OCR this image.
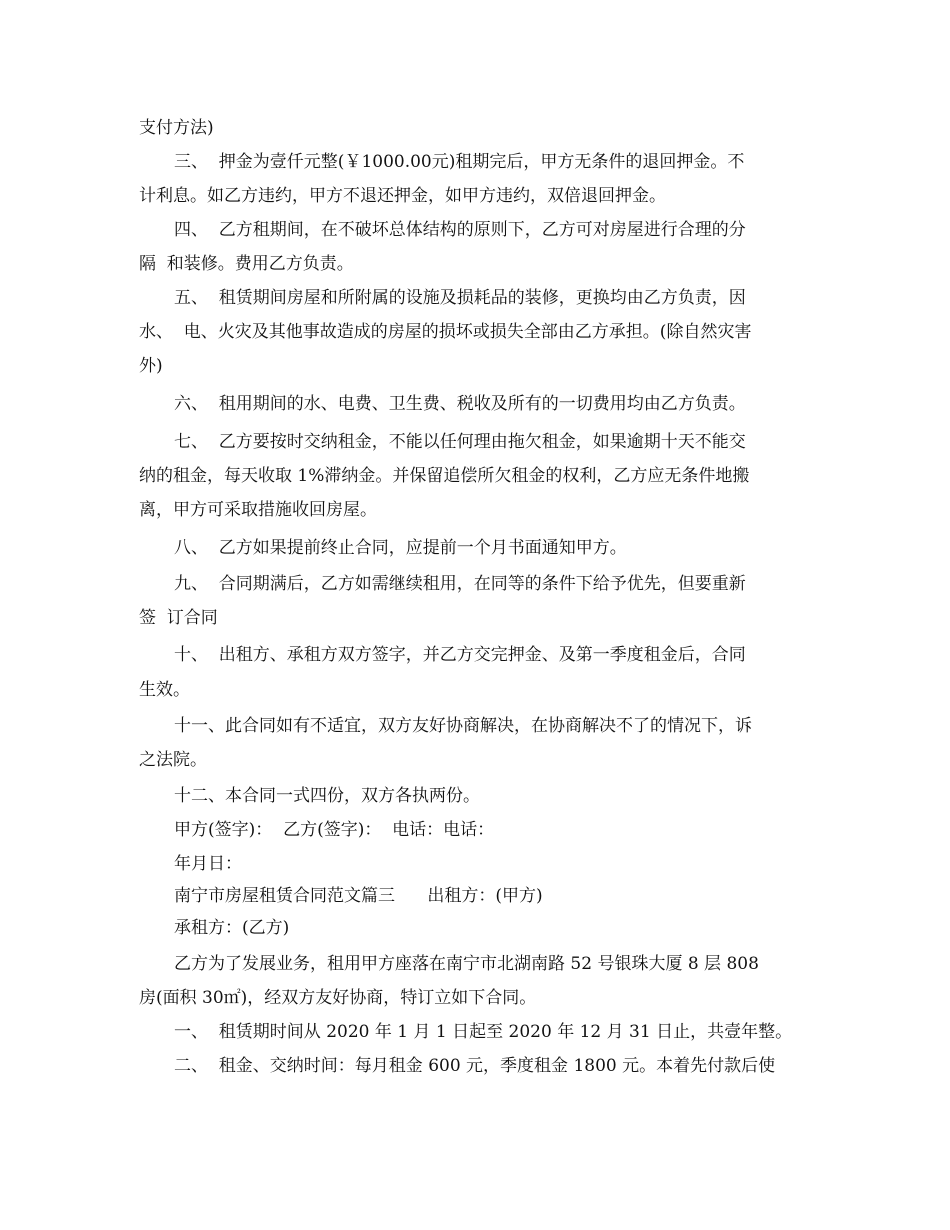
支付方法)
三、  押金为壹仟元整(￥1000.00元)租期完后，甲方无条件的退回押金。不
计利息。如乙方违约，甲方不退还押金，如甲方违约，双倍退回押金。
四、  乙方租期间，在不破坏总体结构的原则下，乙方可对房屋进行合理的分
隔  和装修。费用乙方负责。
五、  租赁期间房屋和所附属的设施及损耗品的装修，更换均由乙方负责，因
水、  电、火灾及其他事故造成的房屋的损坏或损失全部由乙方承担。(除自然灾害
外)
六、  租用期间的水、电费、卫生费、税收及所有的一切费用均由乙方负责。
七、  乙方要按时交纳租金，不能以任何理由拖欠租金，如果逾期十天不能交
纳的租金，每天收取 1%滞纳金。并保留追偿所欠租金的权利，乙方应无条件地搬
离，甲方可采取措施收回房屋。
八、  乙方如果提前终止合同，应提前一个月书面通知甲方。
九、  合同期满后，乙方如需继续租用，在同等的条件下给予优先，但要重新
签  订合同
十、  出租方、承租方双方签字，并乙方交完押金、及第一季度租金后，合同
生效。
十一、此合同如有不适宜，双方友好协商解决，在协商解决不了的情况下，诉
之法院。
十二、本合同一式四份，双方各执两份。
甲方(签字)：  乙方(签字)：  电话：电话：
年月日：
南宁市房屋租赁合同范文篇三      出租方：(甲方)
承租方：(乙方)
乙方为了发展业务，租用甲方座落在南宁市北湖南路 52 号银珠大厦 8 层 808
房(面积 30㎡)，经双方友好协商，特订立如下合同。
一、  租赁期时间从 2020 年 1 月 1 日起至 2020 年 12 月 31 日止，共壹年整。
二、  租金、交纳时间：每月租金 600 元，季度租金 1800 元。本着先付款后使
